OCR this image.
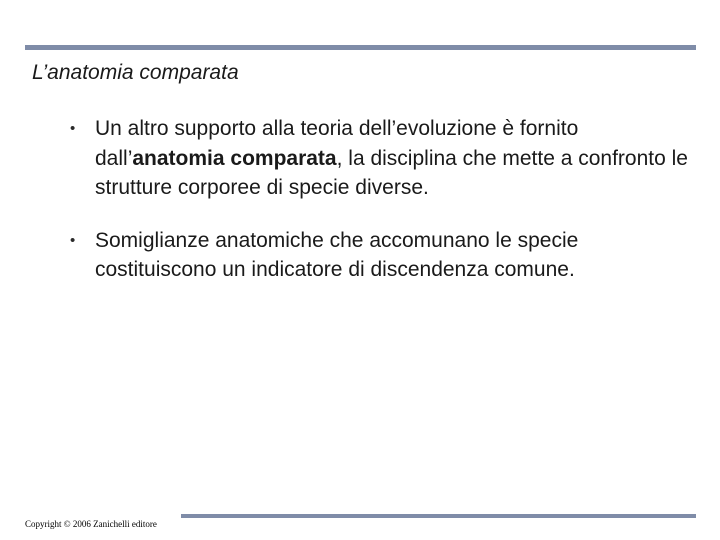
L’anatomia comparata
• Un altro supporto alla teoria dell’evoluzione è fornito dall’anatomia comparata, la disciplina che mette a confronto le strutture corporee di specie diverse.
• Somiglianze anatomiche che accomunano le specie costituiscono un indicatore di discendenza comune.
Copyright © 2006 Zanichelli editore
